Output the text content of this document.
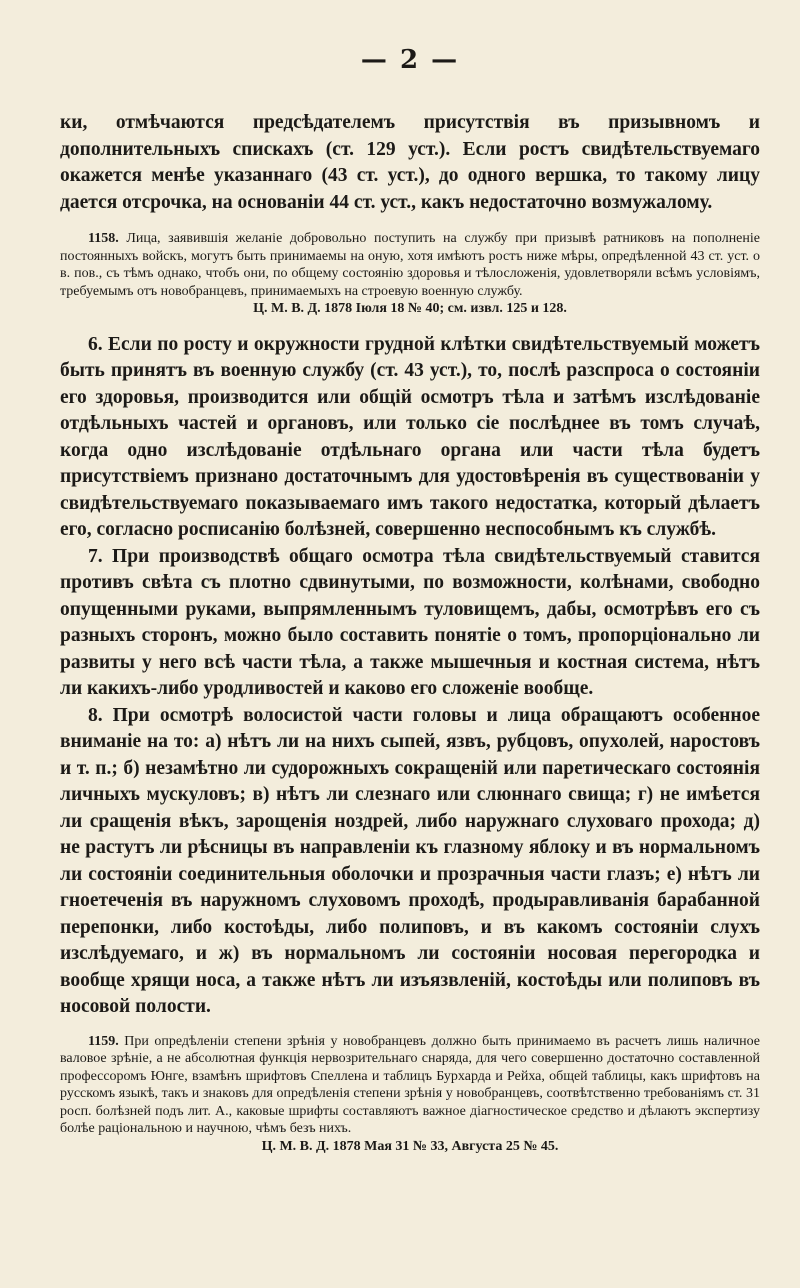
— 2 —

ки, отмѣчаются предсѣдателемъ присутствія въ призывномъ и дополнительныхъ спискахъ (ст. 129 уст.). Если ростъ свидѣтельствуемаго окажется менѣе указаннаго (43 ст. уст.), до одного вершка, то такому лицу дается отсрочка, на основаніи 44 ст. уст., какъ недостаточно возмужалому.

1158. Лица, заявившія желаніе добровольно поступить на службу при призывѣ ратниковъ на пополненіе постоянныхъ войскъ, могутъ быть принимаемы на оную, хотя имѣютъ ростъ ниже мѣры, опредѣленной 43 ст. уст. о в. пов., съ тѣмъ однако, чтобъ они, по общему состоянію здоровья и тѣлосложенія, удовлетворяли всѣмъ условіямъ, требуемымъ отъ новобранцевъ, принимаемыхъ на строевую военную службу.
Ц. М. В. Д. 1878 Іюля 18 № 40; см. извл. 125 и 128.

6. Если по росту и окружности грудной клѣтки свидѣтельствуемый можетъ быть принятъ въ военную службу (ст. 43 уст.), то, послѣ разспроса о состояніи его здоровья, производится или общій осмотръ тѣла и затѣмъ изслѣдованіе отдѣльныхъ частей и органовъ, или только сіе послѣднее въ томъ случаѣ, когда одно изслѣдованіе отдѣльнаго органа или части тѣла будетъ присутствіемъ признано достаточнымъ для удостовѣренія въ существованіи у свидѣтельствуемаго показываемаго имъ такого недостатка, который дѣлаетъ его, согласно росписанію болѣзней, совершенно неспособнымъ къ службѣ.

7. При производствѣ общаго осмотра тѣла свидѣтельствуемый ставится противъ свѣта съ плотно сдвинутыми, по возможности, колѣнами, свободно опущенными руками, выпрямленнымъ туловищемъ, дабы, осмотрѣвъ его съ разныхъ сторонъ, можно было составить понятіе о томъ, пропорціонально ли развиты у него всѣ части тѣла, а также мышечныя и костная система, нѣтъ ли какихъ-либо уродливостей и каково его сложеніе вообще.

8. При осмотрѣ волосистой части головы и лица обращаютъ особенное вниманіе на то: а) нѣтъ ли на нихъ сыпей, язвъ, рубцовъ, опухолей, наростовъ и т. п.; б) незамѣтно ли судорожныхъ сокращеній или паретическаго состоянія личныхъ мускуловъ; в) нѣтъ ли слезнаго или слюннаго свища; г) не имѣется ли сращенія вѣкъ, зарощенія ноздрей, либо наружнаго слуховаго прохода; д) не растутъ ли рѣсницы въ направленіи къ глазному яблоку и въ нормальномъ ли состояніи соединительныя оболочки и прозрачныя части глазъ; е) нѣтъ ли гноетеченія въ наружномъ слуховомъ проходѣ, продыравливанія барабанной перепонки, либо костоѣды, либо полиповъ, и въ какомъ состояніи слухъ изслѣдуемаго, и ж) въ нормальномъ ли состояніи носовая перегородка и вообще хрящи носа, а также нѣтъ ли изъязвленій, костоѣды или полиповъ въ носовой полости.

1159. При опредѣленіи степени зрѣнія у новобранцевъ должно быть принимаемо въ расчетъ лишь наличное валовое зрѣніе, а не абсолютная функція нервозрительнаго снаряда, для чего совершенно достаточно составленной профессоромъ Юнге, взамѣнъ шрифтовъ Спеллена и таблицъ Бурхарда и Рейха, общей таблицы, какъ шрифтовъ на русскомъ языкѣ, такъ и знаковъ для опредѣленія степени зрѣнія у новобранцевъ, соотвѣтственно требованіямъ ст. 31 росп. болѣзней подъ лит. А., каковые шрифты составляютъ важное діагностическое средство и дѣлаютъ экспертизу болѣе раціональною и научною, чѣмъ безъ нихъ.
Ц. М. В. Д. 1878 Мая 31 № 33, Августа 25 № 45.
